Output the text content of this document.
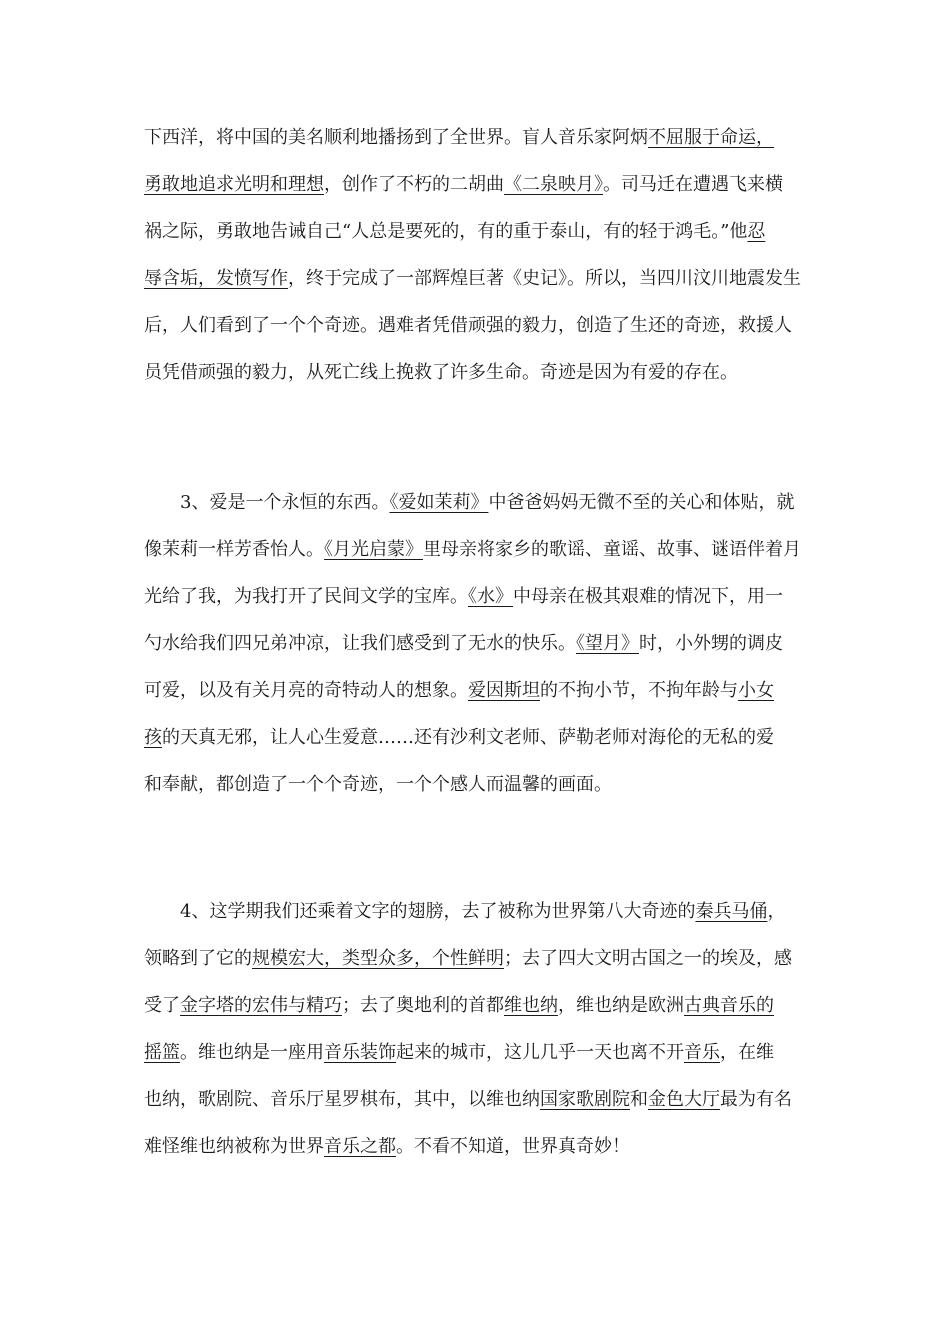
下西洋，将中国的美名顺利地播扬到了全世界。盲人音乐家阿炳不屈服于命运，
勇敢地追求光明和理想，创作了不朽的二胡曲《二泉映月》。司马迁在遭遇飞来横
祸之际，勇敢地告诫自己“人总是要死的，有的重于泰山，有的轻于鸿毛。”他忍
辱含垢，发愤写作，终于完成了一部辉煌巨著《史记》。所以，当四川汶川地震发生
后，人们看到了一个个奇迹。遇难者凭借顽强的毅力，创造了生还的奇迹，救援人
员凭借顽强的毅力，从死亡线上挽救了许多生命。奇迹是因为有爱的存在。
　　3、爱是一个永恒的东西。《爱如茉莉》中爸爸妈妈无微不至的关心和体贴，就
像茉莉一样芳香怡人。《月光启蒙》里母亲将家乡的歌谣、童谣、故事、谜语伴着月
光给了我，为我打开了民间文学的宝库。《水》中母亲在极其艰难的情况下，用一
勺水给我们四兄弟冲凉，让我们感受到了无水的快乐。《望月》时，小外甥的调皮
可爱，以及有关月亮的奇特动人的想象。爱因斯坦的不拘小节，不拘年龄与小女
孩的天真无邪，让人心生爱意……还有沙利文老师、萨勒老师对海伦的无私的爱
和奉献，都创造了一个个奇迹，一个个感人而温馨的画面。
　　4、这学期我们还乘着文字的翅膀，去了被称为世界第八大奇迹的秦兵马俑，
领略到了它的规模宏大，类型众多，个性鲜明；去了四大文明古国之一的埃及，感
受了金字塔的宏伟与精巧；去了奥地利的首都维也纳，维也纳是欧洲古典音乐的
摇篮。维也纳是一座用音乐装饰起来的城市，这儿几乎一天也离不开音乐，在维
也纳，歌剧院、音乐厅星罗棋布，其中，以维也纳国家歌剧院和金色大厅最为有名
难怪维也纳被称为世界音乐之都。不看不知道，世界真奇妙！
